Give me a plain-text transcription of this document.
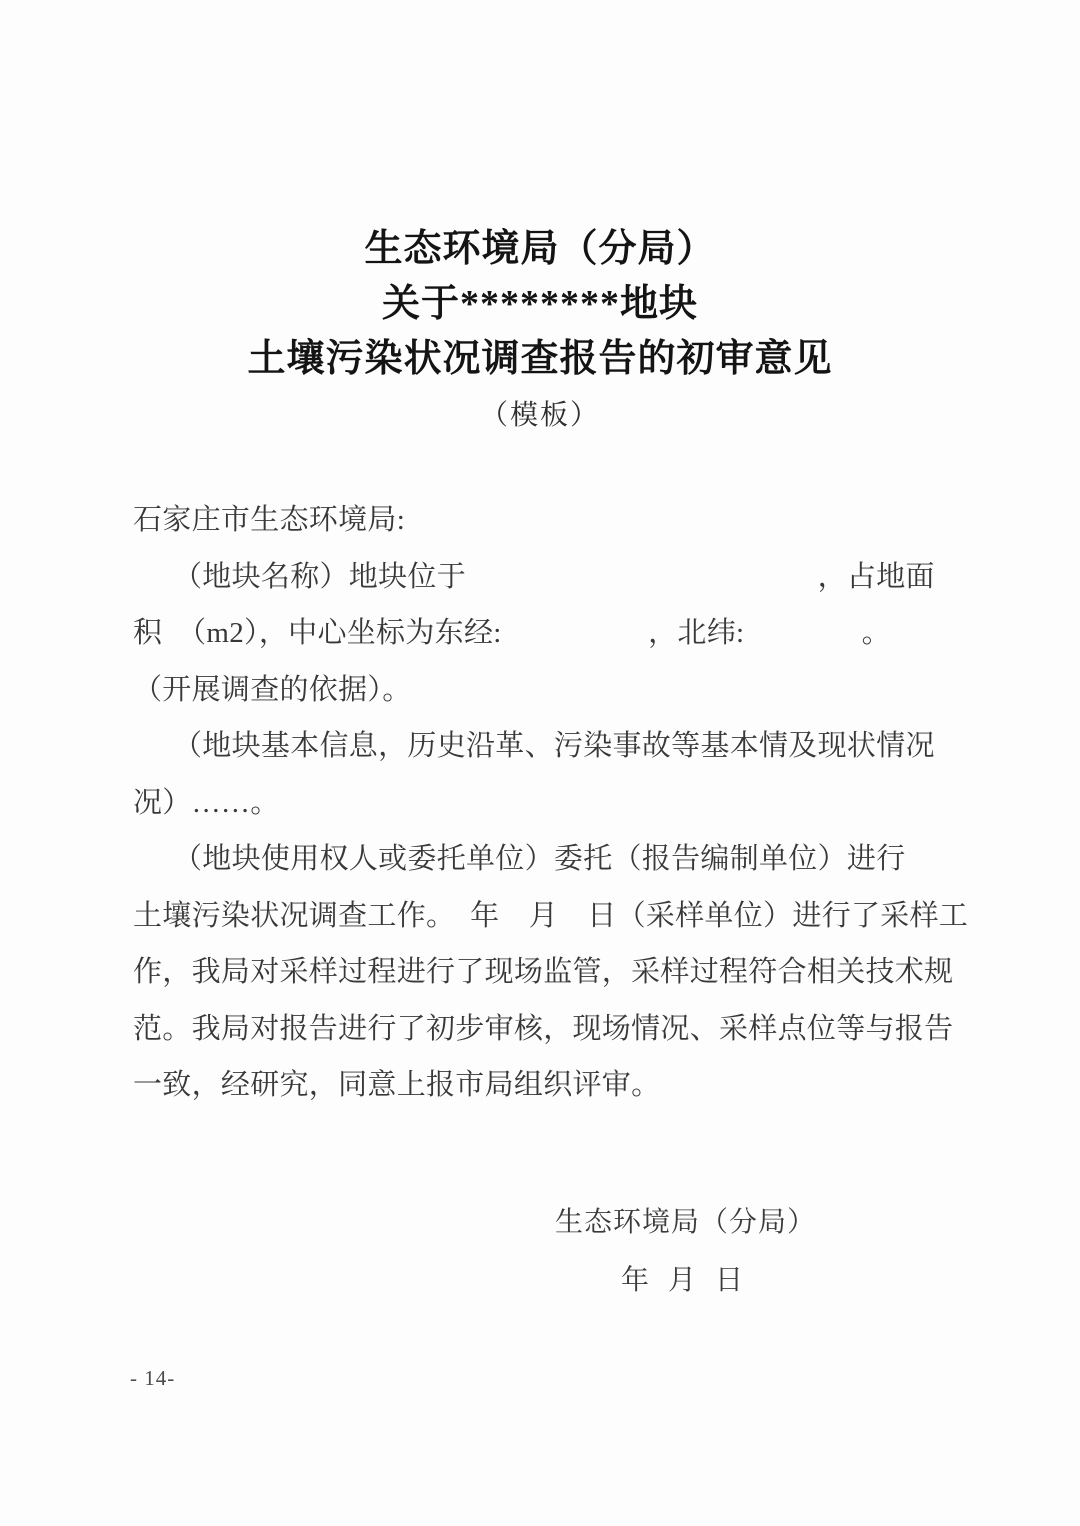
生态环境局（分局）
关于********地块
土壤污染状况调查报告的初审意见
（模板）
石家庄市生态环境局:
（地块名称）地块位于　　　　　　　　　　　　，占地面
积　（m2），中心坐标为东经:　　　　　，北纬:　　　　。
（开展调查的依据）。
（地块基本信息，历史沿革、污染事故等基本情及现状情况
况）……。
（地块使用权人或委托单位）委托（报告编制单位）进行
土壤污染状况调查工作。　年　月　日（采样单位）进行了采样工
作，我局对采样过程进行了现场监管，采样过程符合相关技术规
范。我局对报告进行了初步审核，现场情况、采样点位等与报告
一致，经研究，同意上报市局组织评审。
生态环境局（分局）
年 月 日
- 14-
